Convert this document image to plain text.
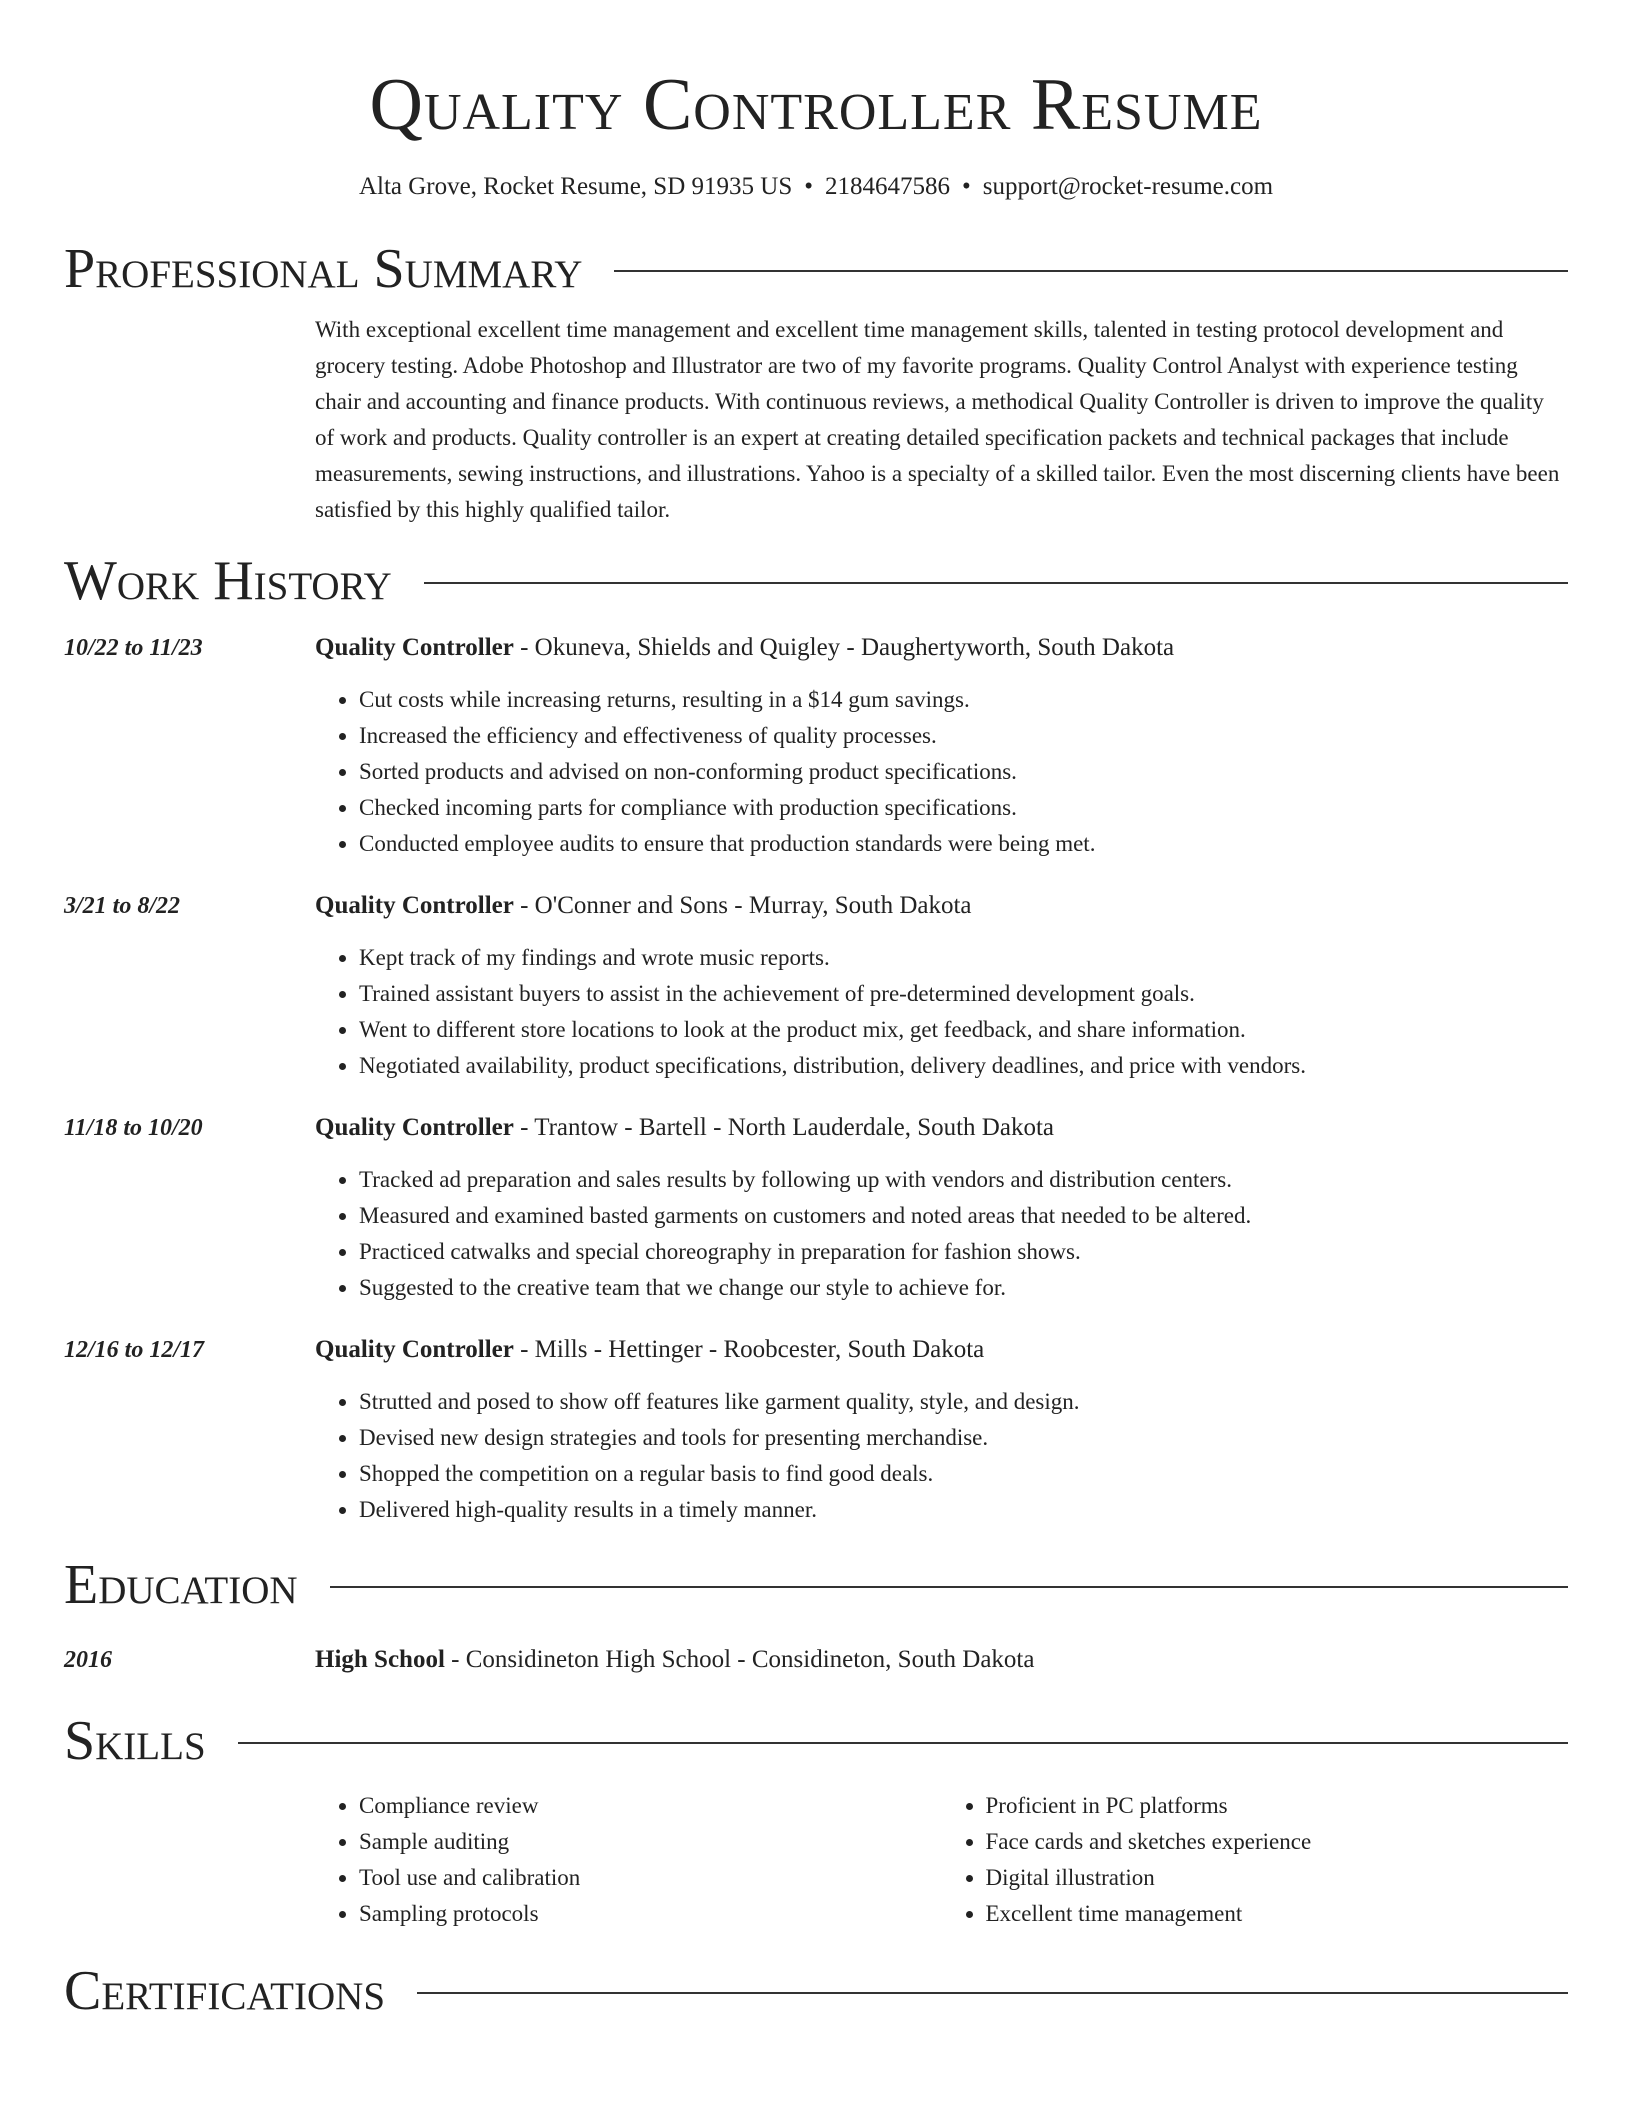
Quality Controller Resume
Alta Grove, Rocket Resume, SD 91935 US • 2184647586 • support@rocket-resume.com
Professional Summary
With exceptional excellent time management and excellent time management skills, talented in testing protocol development and grocery testing. Adobe Photoshop and Illustrator are two of my favorite programs. Quality Control Analyst with experience testing chair and accounting and finance products. With continuous reviews, a methodical Quality Controller is driven to improve the quality of work and products. Quality controller is an expert at creating detailed specification packets and technical packages that include measurements, sewing instructions, and illustrations. Yahoo is a specialty of a skilled tailor. Even the most discerning clients have been satisfied by this highly qualified tailor.
Work History
10/22 to 11/23	Quality Controller - Okuneva, Shields and Quigley - Daughertyworth, South Dakota
• Cut costs while increasing returns, resulting in a $14 gum savings.
• Increased the efficiency and effectiveness of quality processes.
• Sorted products and advised on non-conforming product specifications.
• Checked incoming parts for compliance with production specifications.
• Conducted employee audits to ensure that production standards were being met.
3/21 to 8/22	Quality Controller - O'Conner and Sons - Murray, South Dakota
• Kept track of my findings and wrote music reports.
• Trained assistant buyers to assist in the achievement of pre-determined development goals.
• Went to different store locations to look at the product mix, get feedback, and share information.
• Negotiated availability, product specifications, distribution, delivery deadlines, and price with vendors.
11/18 to 10/20	Quality Controller - Trantow - Bartell - North Lauderdale, South Dakota
• Tracked ad preparation and sales results by following up with vendors and distribution centers.
• Measured and examined basted garments on customers and noted areas that needed to be altered.
• Practiced catwalks and special choreography in preparation for fashion shows.
• Suggested to the creative team that we change our style to achieve for.
12/16 to 12/17	Quality Controller - Mills - Hettinger - Roobcester, South Dakota
• Strutted and posed to show off features like garment quality, style, and design.
• Devised new design strategies and tools for presenting merchandise.
• Shopped the competition on a regular basis to find good deals.
• Delivered high-quality results in a timely manner.
Education
2016	High School - Considineton High School - Considineton, South Dakota
Skills
• Compliance review
• Sample auditing
• Tool use and calibration
• Sampling protocols
• Proficient in PC platforms
• Face cards and sketches experience
• Digital illustration
• Excellent time management
Certifications
